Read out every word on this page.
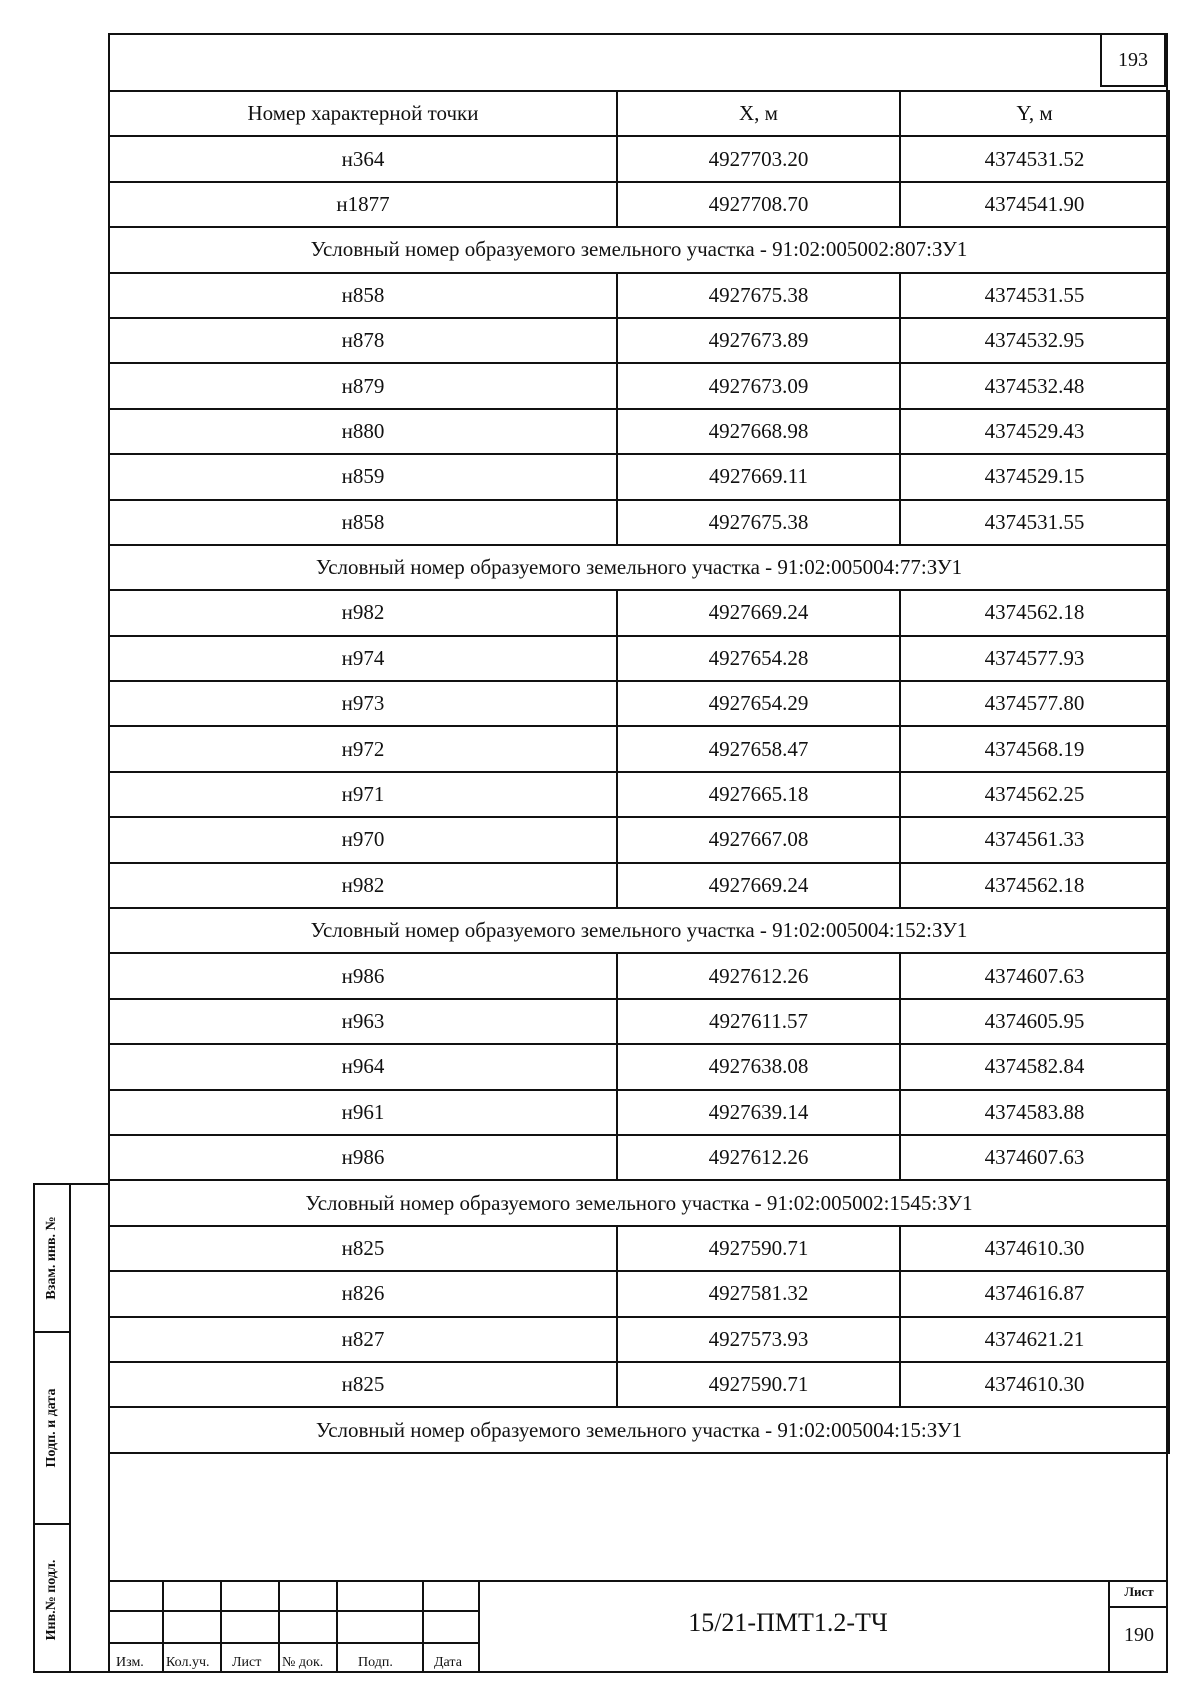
193
Номер характерной точки	X, м	Y, м
н364	4927703.20	4374531.52
н1877	4927708.70	4374541.90
Условный номер образуемого земельного участка - 91:02:005002:807:ЗУ1		
н858	4927675.38	4374531.55
н878	4927673.89	4374532.95
н879	4927673.09	4374532.48
н880	4927668.98	4374529.43
н859	4927669.11	4374529.15
н858	4927675.38	4374531.55
Условный номер образуемого земельного участка - 91:02:005004:77:ЗУ1		
н982	4927669.24	4374562.18
н974	4927654.28	4374577.93
н973	4927654.29	4374577.80
н972	4927658.47	4374568.19
н971	4927665.18	4374562.25
н970	4927667.08	4374561.33
н982	4927669.24	4374562.18
Условный номер образуемого земельного участка - 91:02:005004:152:ЗУ1		
н986	4927612.26	4374607.63
н963	4927611.57	4374605.95
н964	4927638.08	4374582.84
н961	4927639.14	4374583.88
н986	4927612.26	4374607.63
Условный номер образуемого земельного участка - 91:02:005002:1545:ЗУ1		
н825	4927590.71	4374610.30
н826	4927581.32	4374616.87
н827	4927573.93	4374621.21
н825	4927590.71	4374610.30
Условный номер образуемого земельного участка - 91:02:005004:15:ЗУ1		
Взам. инв. №
Подп. и дата
Инв.№ подл.
Изм. Кол.уч. Лист № док. Подп.	Дата
15/21-ПМТ1.2-ТЧ
Лист
190
